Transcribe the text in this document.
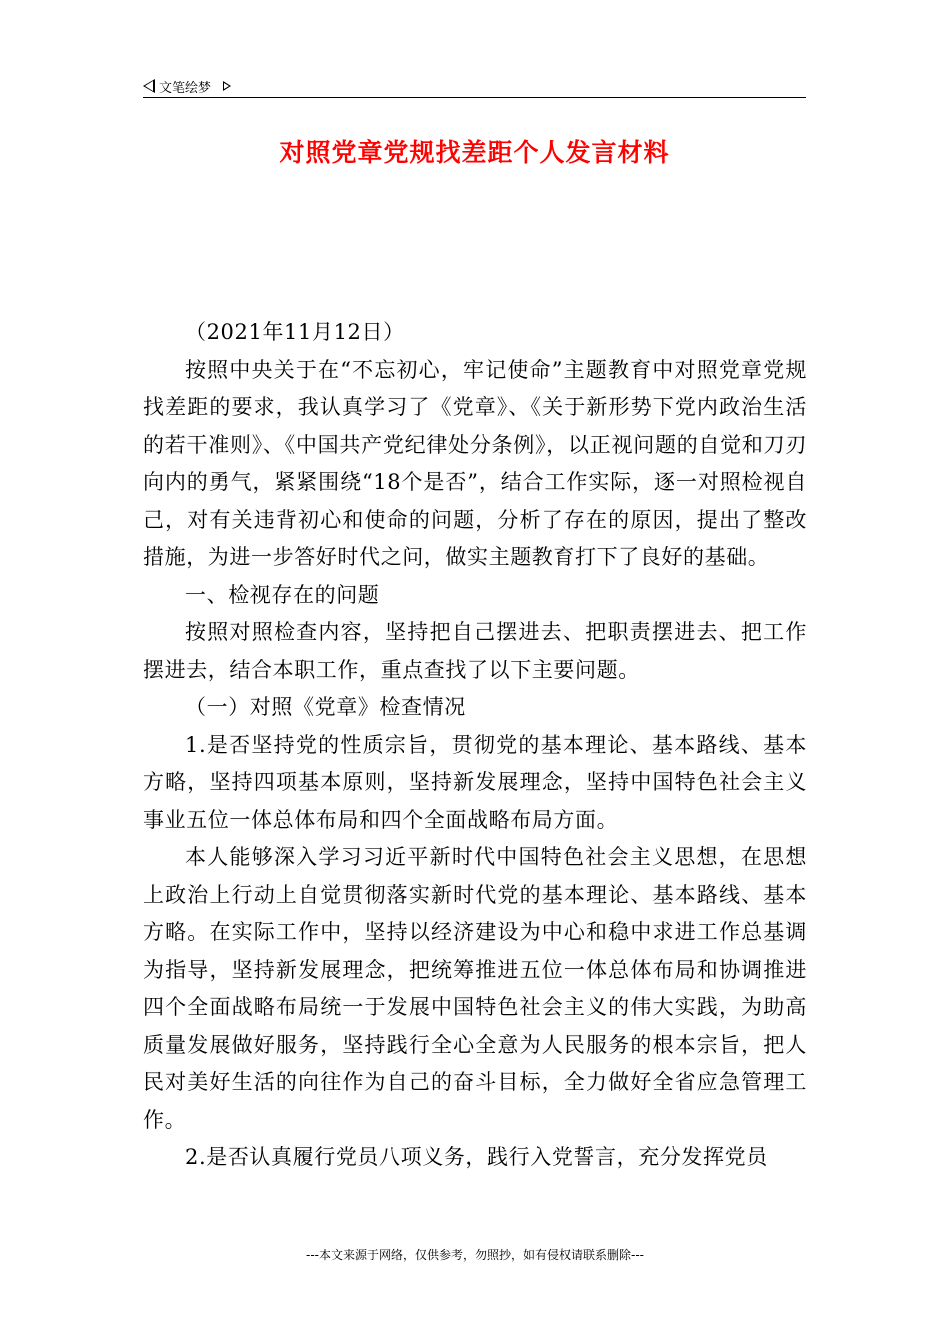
文笔绘梦
对照党章党规找差距个人发言材料

（2021年11月12日）

按照中央关于在“不忘初心，牢记使命”主题教育中对照党章党规找差距的要求，我认真学习了《党章》、《关于新形势下党内政治生活的若干准则》、《中国共产党纪律处分条例》，以正视问题的自觉和刀刃向内的勇气，紧紧围绕“18个是否”，结合工作实际，逐一对照检视自己，对有关违背初心和使命的问题，分析了存在的原因，提出了整改措施，为进一步答好时代之问，做实主题教育打下了良好的基础。

一、检视存在的问题

按照对照检查内容，坚持把自己摆进去、把职责摆进去、把工作摆进去，结合本职工作，重点查找了以下主要问题。

（一）对照《党章》检查情况

1.是否坚持党的性质宗旨，贯彻党的基本理论、基本路线、基本方略，坚持四项基本原则，坚持新发展理念，坚持中国特色社会主义事业五位一体总体布局和四个全面战略布局方面。

本人能够深入学习习近平新时代中国特色社会主义思想，在思想上政治上行动上自觉贯彻落实新时代党的基本理论、基本路线、基本方略。在实际工作中，坚持以经济建设为中心和稳中求进工作总基调为指导，坚持新发展理念，把统筹推进五位一体总体布局和协调推进四个全面战略布局统一于发展中国特色社会主义的伟大实践，为助高质量发展做好服务，坚持践行全心全意为人民服务的根本宗旨，把人民对美好生活的向往作为自己的奋斗目标，全力做好全省应急管理工作。

2.是否认真履行党员八项义务，践行入党誓言，充分发挥党员

---本文来源于网络，仅供参考，勿照抄，如有侵权请联系删除---
